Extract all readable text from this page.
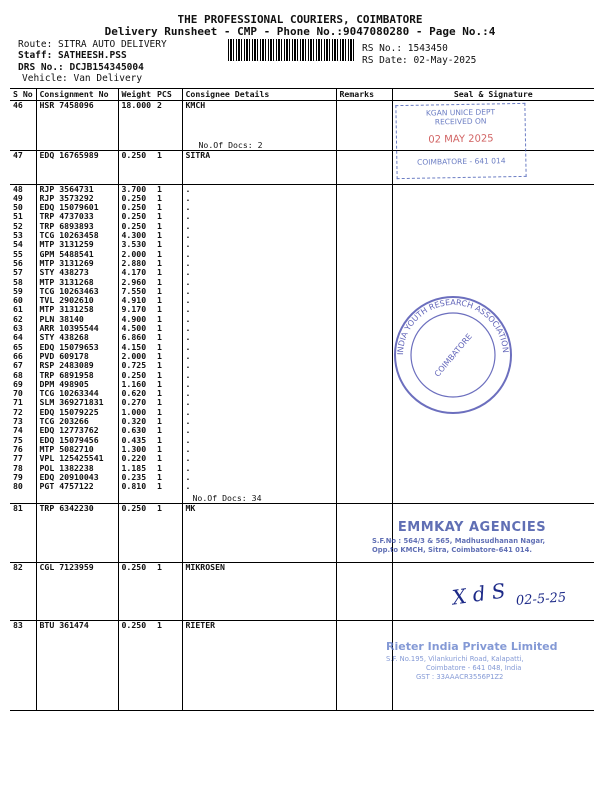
THE PROFESSIONAL COURIERS, COIMBATORE
Delivery Runsheet - CMP - Phone No.:9047080280 - Page No.:4
Route: SITRA AUTO DELIVERY
Staff: SATHEESH.PSS
DRS No.: DCJB154345004
Vehicle: Van Delivery
RS No.: 1543450
RS Date: 02-May-2025
S No	Consignment No	Weight	PCS	Consignee Details	Remarks	Seal & Signature
46	HSR 7458096	18.000	2	KMCH		
				No.Of Docs: 2		
47	EDQ 16765989	0.250	1	SITRA		

48	RJP 3564731	3.700	1	.		
49	RJP 3573292	0.250	1	.		
50	EDQ 15079601	0.250	1	.		
51	TRP 4737033	0.250	1	.		
52	TRP 6893893	0.250	1	.		
53	TCG 10263458	4.300	1	.		
54	MTP 3131259	3.530	1	.		
55	GPM 5488541	2.000	1	.		
56	MTP 3131269	2.880	1	.		
57	STY 438273	4.170	1	.		
58	MTP 3131268	2.960	1	.		
59	TCG 10263463	7.550	1	.		
60	TVL 2902610	4.910	1	.		
61	MTP 3131258	9.170	1	.		
62	PLN 38140	4.900	1	.		
63	ARR 10395544	4.500	1	.		
64	STY 438268	6.860	1	.		
65	EDQ 15079653	4.150	1	.		
66	PVD 609178	2.000	1	.		
67	RSP 2483089	0.725	1	.		
68	TRP 6891958	0.250	1	.		
69	DPM 498905	1.160	1	.		
70	TCG 10263344	0.620	1	.		
71	SLM 369271831	0.270	1	.		
72	EDQ 15079225	1.000	1	.		
73	TCG 203266	0.320	1	.		
74	EDQ 12773762	0.630	1	.		
75	EDQ 15079456	0.435	1	.		
76	MTP 5082710	1.300	1	.		
77	VPL 125425541	0.220	1	.		
78	POL 1382238	1.185	1	.		
79	EDQ 20910043	0.235	1	.		
80	PGT 4757122	0.810	1	.		
				No.Of Docs: 34		
81	TRP 6342230	0.250	1	MK		

82	CGL 7123959	0.250	1	MIKROSEN		

83	BTU 361474	0.250	1	RIETER		

KGAN UNICE DEPT
RECEIVED ON
02 MAY 2025
COIMBATORE - 641 014
INDIA YOUTH RESEARCH ASSOCIATION
COIMBATORE
EMMKAY AGENCIES
S.F.No : 564/3 & 565, Madhusudhanan Nagar,
Opp.to KMCH, Sitra, Coimbatore-641 014.
X d S 02-5-25
Rieter India Private Limited
S.F. No.195, Vilankurichi Road, Kalapatti,
Coimbatore - 641 048, India
GST : 33AAACR3556P1Z2
